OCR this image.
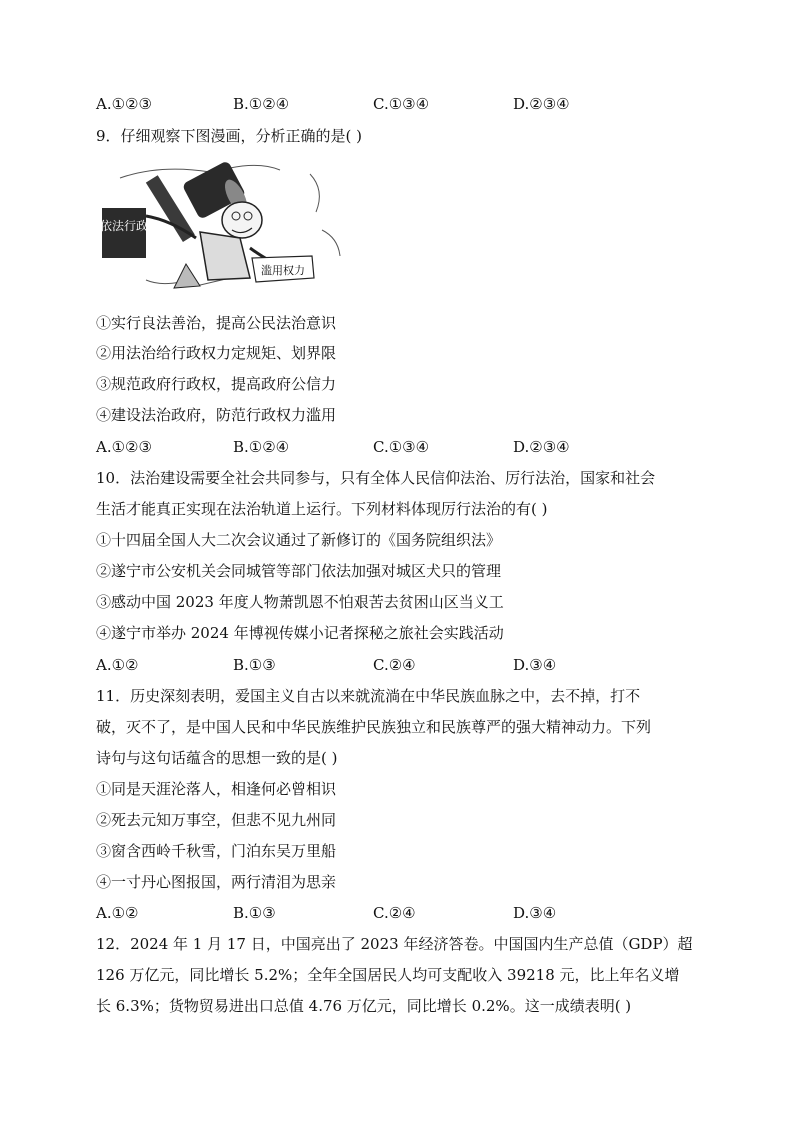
A.①②③	B.①②④	C.①③④	D.②③④
9．仔细观察下图漫画，分析正确的是( )
依法行政
滥用权力
①实行良法善治，提高公民法治意识
②用法治给行政权力定规矩、划界限
③规范政府行政权，提高政府公信力
④建设法治政府，防范行政权力滥用
A.①②③	B.①②④	C.①③④	D.②③④
10．法治建设需要全社会共同参与，只有全体人民信仰法治、厉行法治，国家和社会
生活才能真正实现在法治轨道上运行。下列材料体现厉行法治的有( )
①十四届全国人大二次会议通过了新修订的《国务院组织法》
②遂宁市公安机关会同城管等部门依法加强对城区犬只的管理
③感动中国 2023 年度人物萧凯恩不怕艰苦去贫困山区当义工
④遂宁市举办 2024 年博视传媒小记者探秘之旅社会实践活动
A.①②	B.①③	C.②④	D.③④
11．历史深刻表明，爱国主义自古以来就流淌在中华民族血脉之中，去不掉，打不
破，灭不了，是中国人民和中华民族维护民族独立和民族尊严的强大精神动力。下列
诗句与这句话蕴含的思想一致的是( )
①同是天涯沦落人，相逢何必曾相识
②死去元知万事空，但悲不见九州同
③窗含西岭千秋雪，门泊东吴万里船
④一寸丹心图报国，两行清泪为思亲
A.①②	B.①③	C.②④	D.③④
12．2024 年 1 月 17 日，中国亮出了 2023 年经济答卷。中国国内生产总值（GDP）超
126 万亿元，同比增长 5.2%；全年全国居民人均可支配收入 39218 元，比上年名义增
长 6.3%；货物贸易进出口总值 4.76 万亿元，同比增长 0.2%。这一成绩表明( )
